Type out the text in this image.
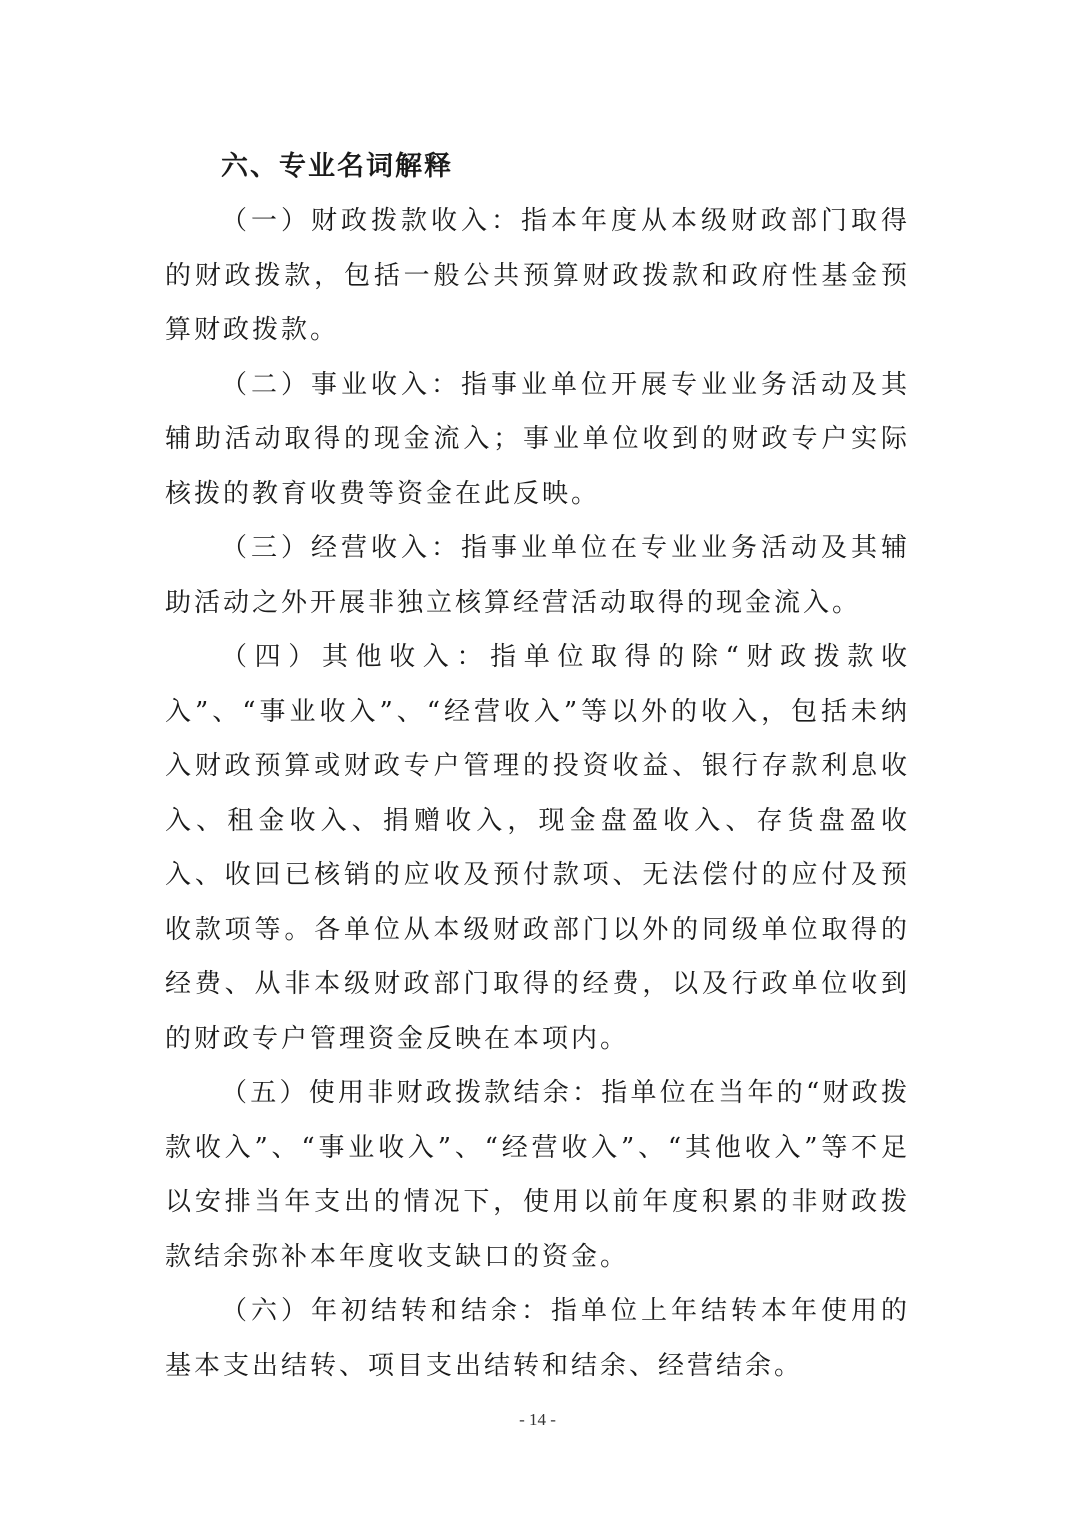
六、专业名词解释

（一）财政拨款收入：指本年度从本级财政部门取得的财政拨款，包括一般公共预算财政拨款和政府性基金预算财政拨款。

（二）事业收入：指事业单位开展专业业务活动及其辅助活动取得的现金流入；事业单位收到的财政专户实际核拨的教育收费等资金在此反映。

（三）经营收入：指事业单位在专业业务活动及其辅助活动之外开展非独立核算经营活动取得的现金流入。

（四）其他收入：指单位取得的除“财政拨款收入”、“事业收入”、“经营收入”等以外的收入，包括未纳入财政预算或财政专户管理的投资收益、银行存款利息收入、租金收入、捐赠收入，现金盘盈收入、存货盘盈收入、收回已核销的应收及预付款项、无法偿付的应付及预收款项等。各单位从本级财政部门以外的同级单位取得的经费、从非本级财政部门取得的经费，以及行政单位收到的财政专户管理资金反映在本项内。

（五）使用非财政拨款结余：指单位在当年的“财政拨款收入”、“事业收入”、“经营收入”、“其他收入”等不足以安排当年支出的情况下，使用以前年度积累的非财政拨款结余弥补本年度收支缺口的资金。

（六）年初结转和结余：指单位上年结转本年使用的基本支出结转、项目支出结转和结余、经营结余。

- 14 -
